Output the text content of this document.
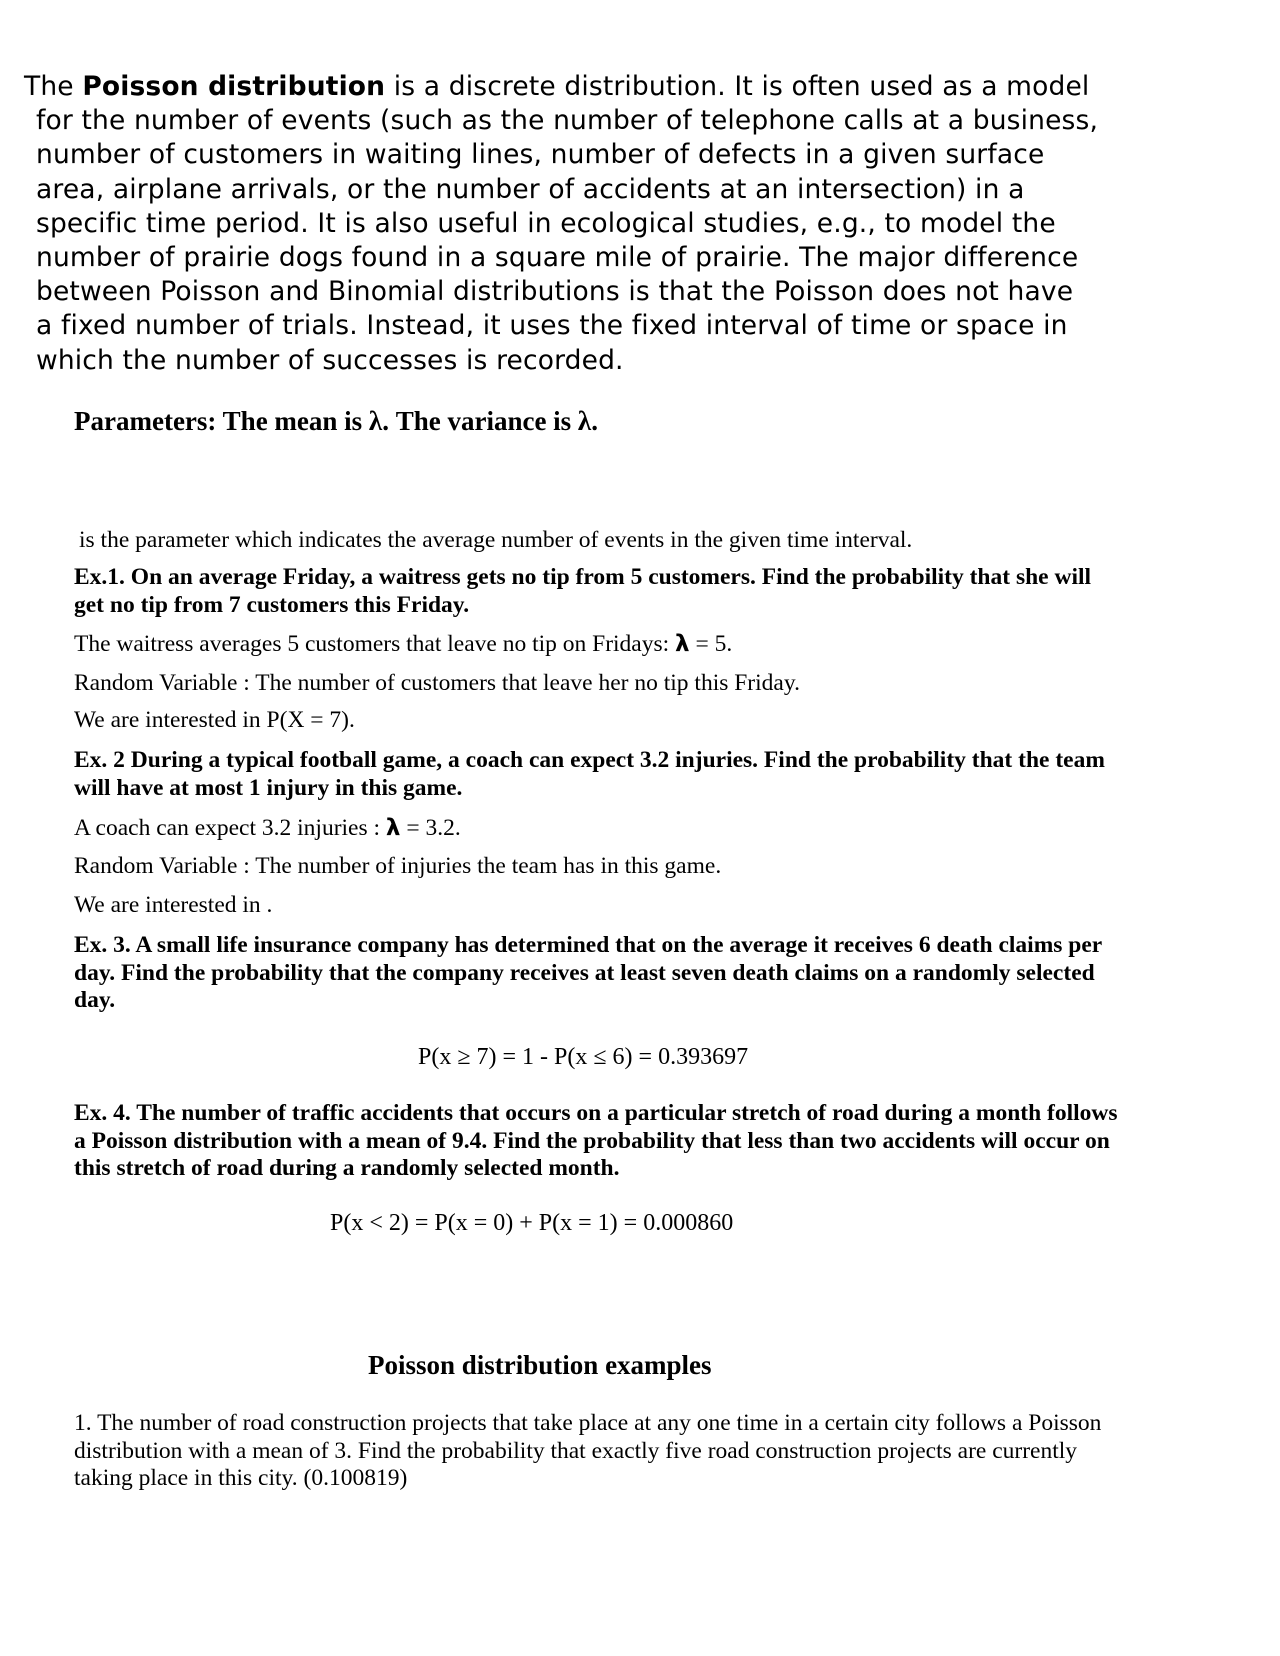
The Poisson distribution is a discrete distribution. It is often used as a model
for the number of events (such as the number of telephone calls at a business,
number of customers in waiting lines, number of defects in a given surface
area, airplane arrivals, or the number of accidents at an intersection) in a
specific time period. It is also useful in ecological studies, e.g., to model the
number of prairie dogs found in a square mile of prairie. The major difference
between Poisson and Binomial distributions is that the Poisson does not have
a fixed number of trials. Instead, it uses the fixed interval of time or space in
which the number of successes is recorded.
Parameters: The mean is λ. The variance is λ.
is the parameter which indicates the average number of events in the given time interval.
Ex.1. On an average Friday, a waitress gets no tip from 5 customers. Find the probability that she will
get no tip from 7 customers this Friday.
The waitress averages 5 customers that leave no tip on Fridays: λ = 5.
Random Variable : The number of customers that leave her no tip this Friday.
We are interested in P(X = 7).
Ex. 2 During a typical football game, a coach can expect 3.2 injuries. Find the probability that the team
will have at most 1 injury in this game.
A coach can expect 3.2 injuries : λ = 3.2.
Random Variable : The number of injuries the team has in this game.
We are interested in .
Ex. 3. A small life insurance company has determined that on the average it receives 6 death claims per
day. Find the probability that the company receives at least seven death claims on a randomly selected
day.
P(x ≥ 7) = 1 - P(x ≤ 6) = 0.393697
Ex. 4. The number of traffic accidents that occurs on a particular stretch of road during a month follows
a Poisson distribution with a mean of 9.4. Find the probability that less than two accidents will occur on
this stretch of road during a randomly selected month.
P(x < 2) = P(x = 0) + P(x = 1) = 0.000860
Poisson distribution examples
1. The number of road construction projects that take place at any one time in a certain city follows a Poisson
distribution with a mean of 3. Find the probability that exactly five road construction projects are currently
taking place in this city. (0.100819)
